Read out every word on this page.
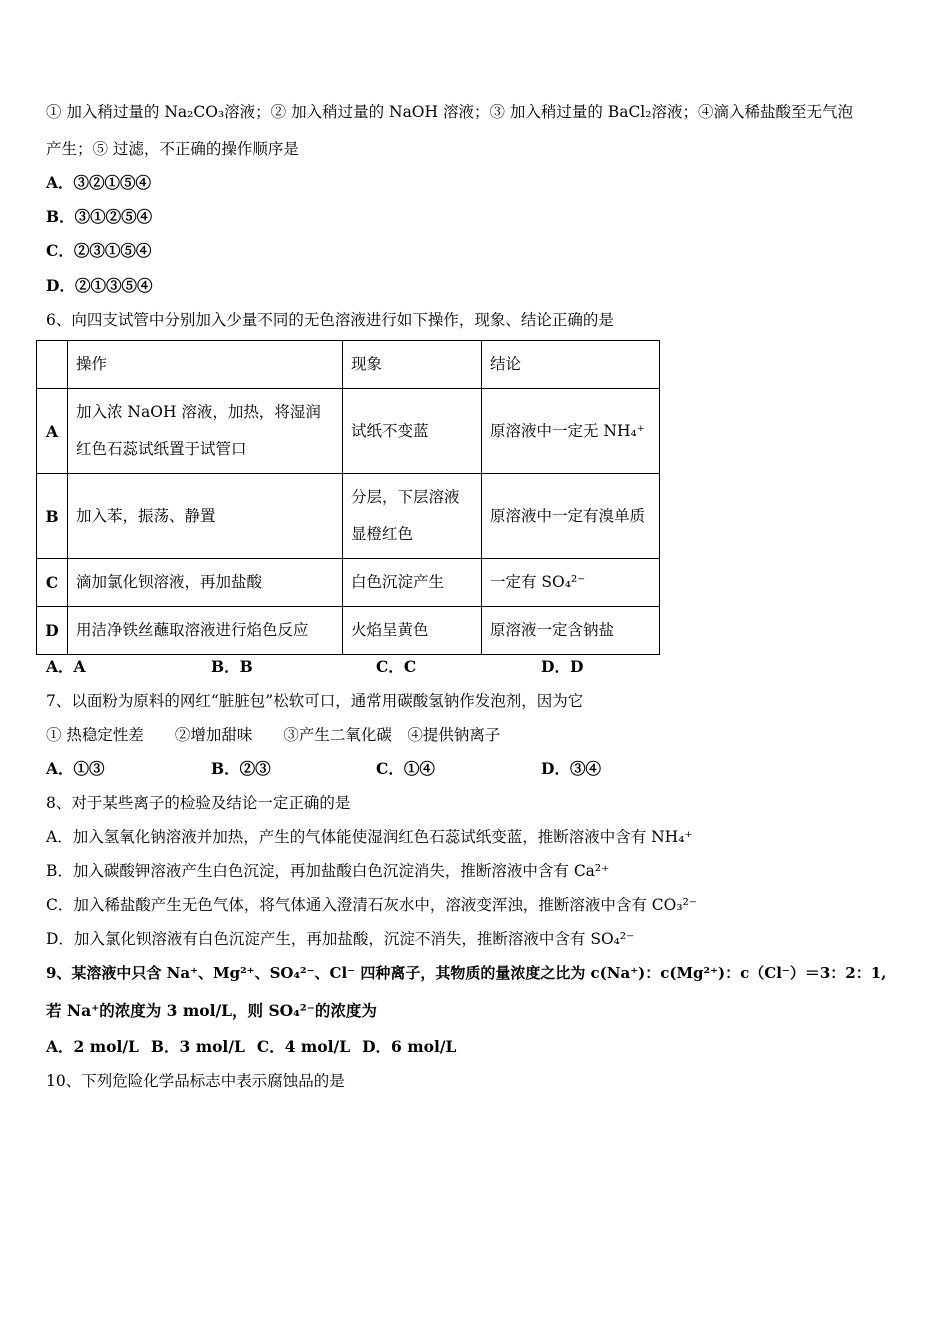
① 加入稍过量的 Na₂CO₃溶液；② 加入稍过量的 NaOH 溶液；③ 加入稍过量的 BaCl₂溶液；④滴入稀盐酸至无气泡
产生；⑤ 过滤，不正确的操作顺序是
A．③②①⑤④
B．③①②⑤④
C．②③①⑤④
D．②①③⑤④
6、向四支试管中分别加入少量不同的无色溶液进行如下操作，现象、结论正确的是
	操作	现象	结论
A	加入浓 NaOH 溶液，加热，将湿润红色石蕊试纸置于试管口	试纸不变蓝	原溶液中一定无 NH₄⁺
B	加入苯，振荡、静置	分层，下层溶液显橙红色	原溶液中一定有溴单质
C	滴加氯化钡溶液，再加盐酸	白色沉淀产生	一定有 SO₄²⁻
D	用洁净铁丝蘸取溶液进行焰色反应	火焰呈黄色	原溶液一定含钠盐
A．A	B．B	C．C	D．D
7、以面粉为原料的网红“脏脏包”松软可口，通常用碳酸氢钠作发泡剂，因为它
① 热稳定性差　　②增加甜味　　③产生二氧化碳　④提供钠离子
A．①③	B．②③	C．①④	D．③④
8、对于某些离子的检验及结论一定正确的是
A．加入氢氧化钠溶液并加热，产生的气体能使湿润红色石蕊试纸变蓝，推断溶液中含有 NH₄⁺
B．加入碳酸钾溶液产生白色沉淀，再加盐酸白色沉淀消失，推断溶液中含有 Ca²⁺
C．加入稀盐酸产生无色气体，将气体通入澄清石灰水中，溶液变浑浊，推断溶液中含有 CO₃²⁻
D．加入氯化钡溶液有白色沉淀产生，再加盐酸，沉淀不消失，推断溶液中含有 SO₄²⁻
9、某溶液中只含 Na⁺、Mg²⁺、SO₄²⁻、Cl⁻ 四种离子，其物质的量浓度之比为 c(Na⁺)：c(Mg²⁺)：c（Cl⁻）＝3：2：1,
若 Na⁺的浓度为 3 mol/L，则 SO₄²⁻的浓度为
A．2 mol/L B．3 mol/L C．4 mol/L D．6 mol/L
10、下列危险化学品标志中表示腐蚀品的是
